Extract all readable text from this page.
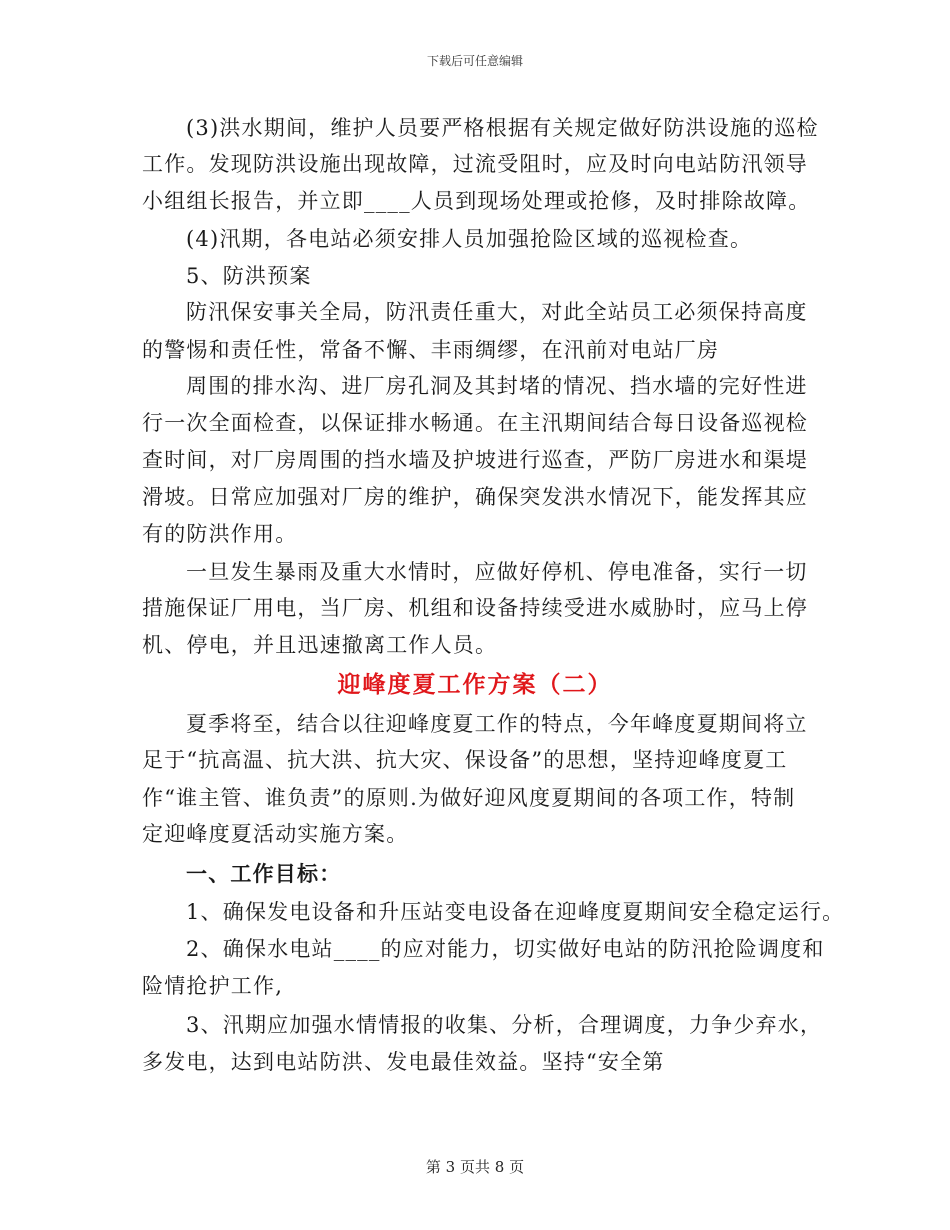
下载后可任意编辑
(3)洪水期间，维护人员要严格根据有关规定做好防洪设施的巡检
工作。发现防洪设施出现故障，过流受阻时，应及时向电站防汛领导
小组组长报告，并立即____人员到现场处理或抢修，及时排除故障。
(4)汛期，各电站必须安排人员加强抢险区域的巡视检查。
5、防洪预案
防汛保安事关全局，防汛责任重大，对此全站员工必须保持高度
的警惕和责任性，常备不懈、丰雨绸缪，在汛前对电站厂房
周围的排水沟、进厂房孔洞及其封堵的情况、挡水墙的完好性进
行一次全面检查，以保证排水畅通。在主汛期间结合每日设备巡视检
查时间，对厂房周围的挡水墙及护坡进行巡查，严防厂房进水和渠堤
滑坡。日常应加强对厂房的维护，确保突发洪水情况下，能发挥其应
有的防洪作用。
一旦发生暴雨及重大水情时，应做好停机、停电准备，实行一切
措施保证厂用电，当厂房、机组和设备持续受进水威胁时，应马上停
机、停电，并且迅速撤离工作人员。
迎峰度夏工作方案（二）
夏季将至，结合以往迎峰度夏工作的特点，今年峰度夏期间将立
足于“抗高温、抗大洪、抗大灾、保设备”的思想，坚持迎峰度夏工
作“谁主管、谁负责”的原则.为做好迎风度夏期间的各项工作，特制
定迎峰度夏活动实施方案。
一、工作目标：
1、确保发电设备和升压站变电设备在迎峰度夏期间安全稳定运行。
2、确保水电站____的应对能力，切实做好电站的防汛抢险调度和
险情抢护工作,
3、汛期应加强水情情报的收集、分析，合理调度，力争少弃水，
多发电，达到电站防洪、发电最佳效益。坚持“安全第
第 3 页共 8 页
